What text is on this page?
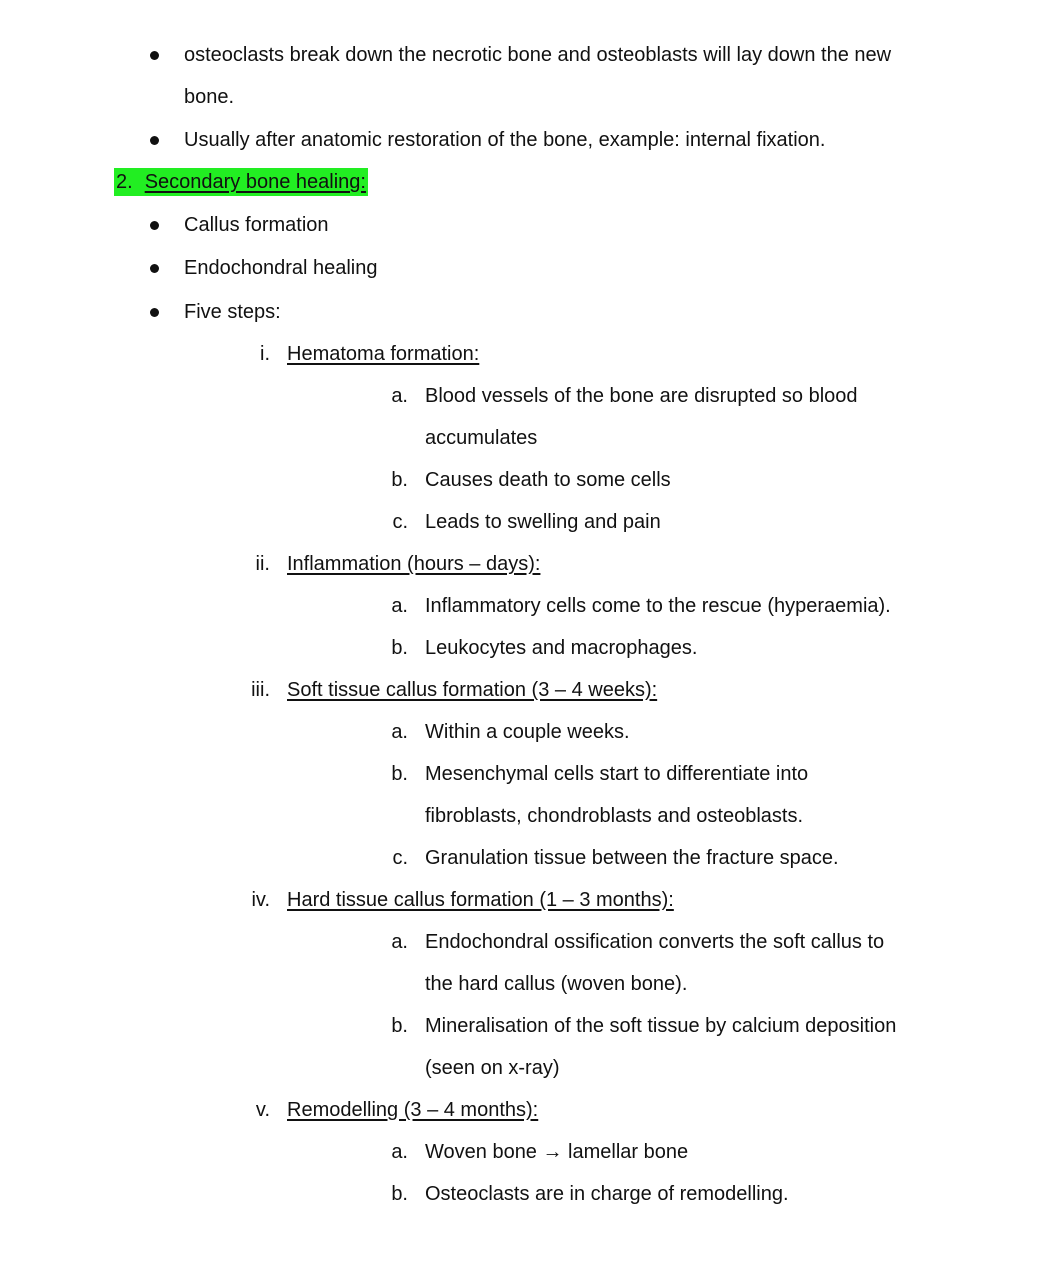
osteoclasts break down the necrotic bone and osteoblasts will lay down the new
bone.
Usually after anatomic restoration of the bone, example: internal fixation.
2. Secondary bone healing:
Callus formation
Endochondral healing
Five steps:
i. Hematoma formation:
a. Blood vessels of the bone are disrupted so blood
accumulates
b. Causes death to some cells
c. Leads to swelling and pain
ii. Inflammation (hours – days):
a. Inflammatory cells come to the rescue (hyperaemia).
b. Leukocytes and macrophages.
iii. Soft tissue callus formation (3 – 4 weeks):
a. Within a couple weeks.
b. Mesenchymal cells start to differentiate into
fibroblasts, chondroblasts and osteoblasts.
c. Granulation tissue between the fracture space.
iv. Hard tissue callus formation (1 – 3 months):
a. Endochondral ossification converts the soft callus to
the hard callus (woven bone).
b. Mineralisation of the soft tissue by calcium deposition
(seen on x-ray)
v. Remodelling (3 – 4 months):
a. Woven bone → lamellar bone
b. Osteoclasts are in charge of remodelling.
